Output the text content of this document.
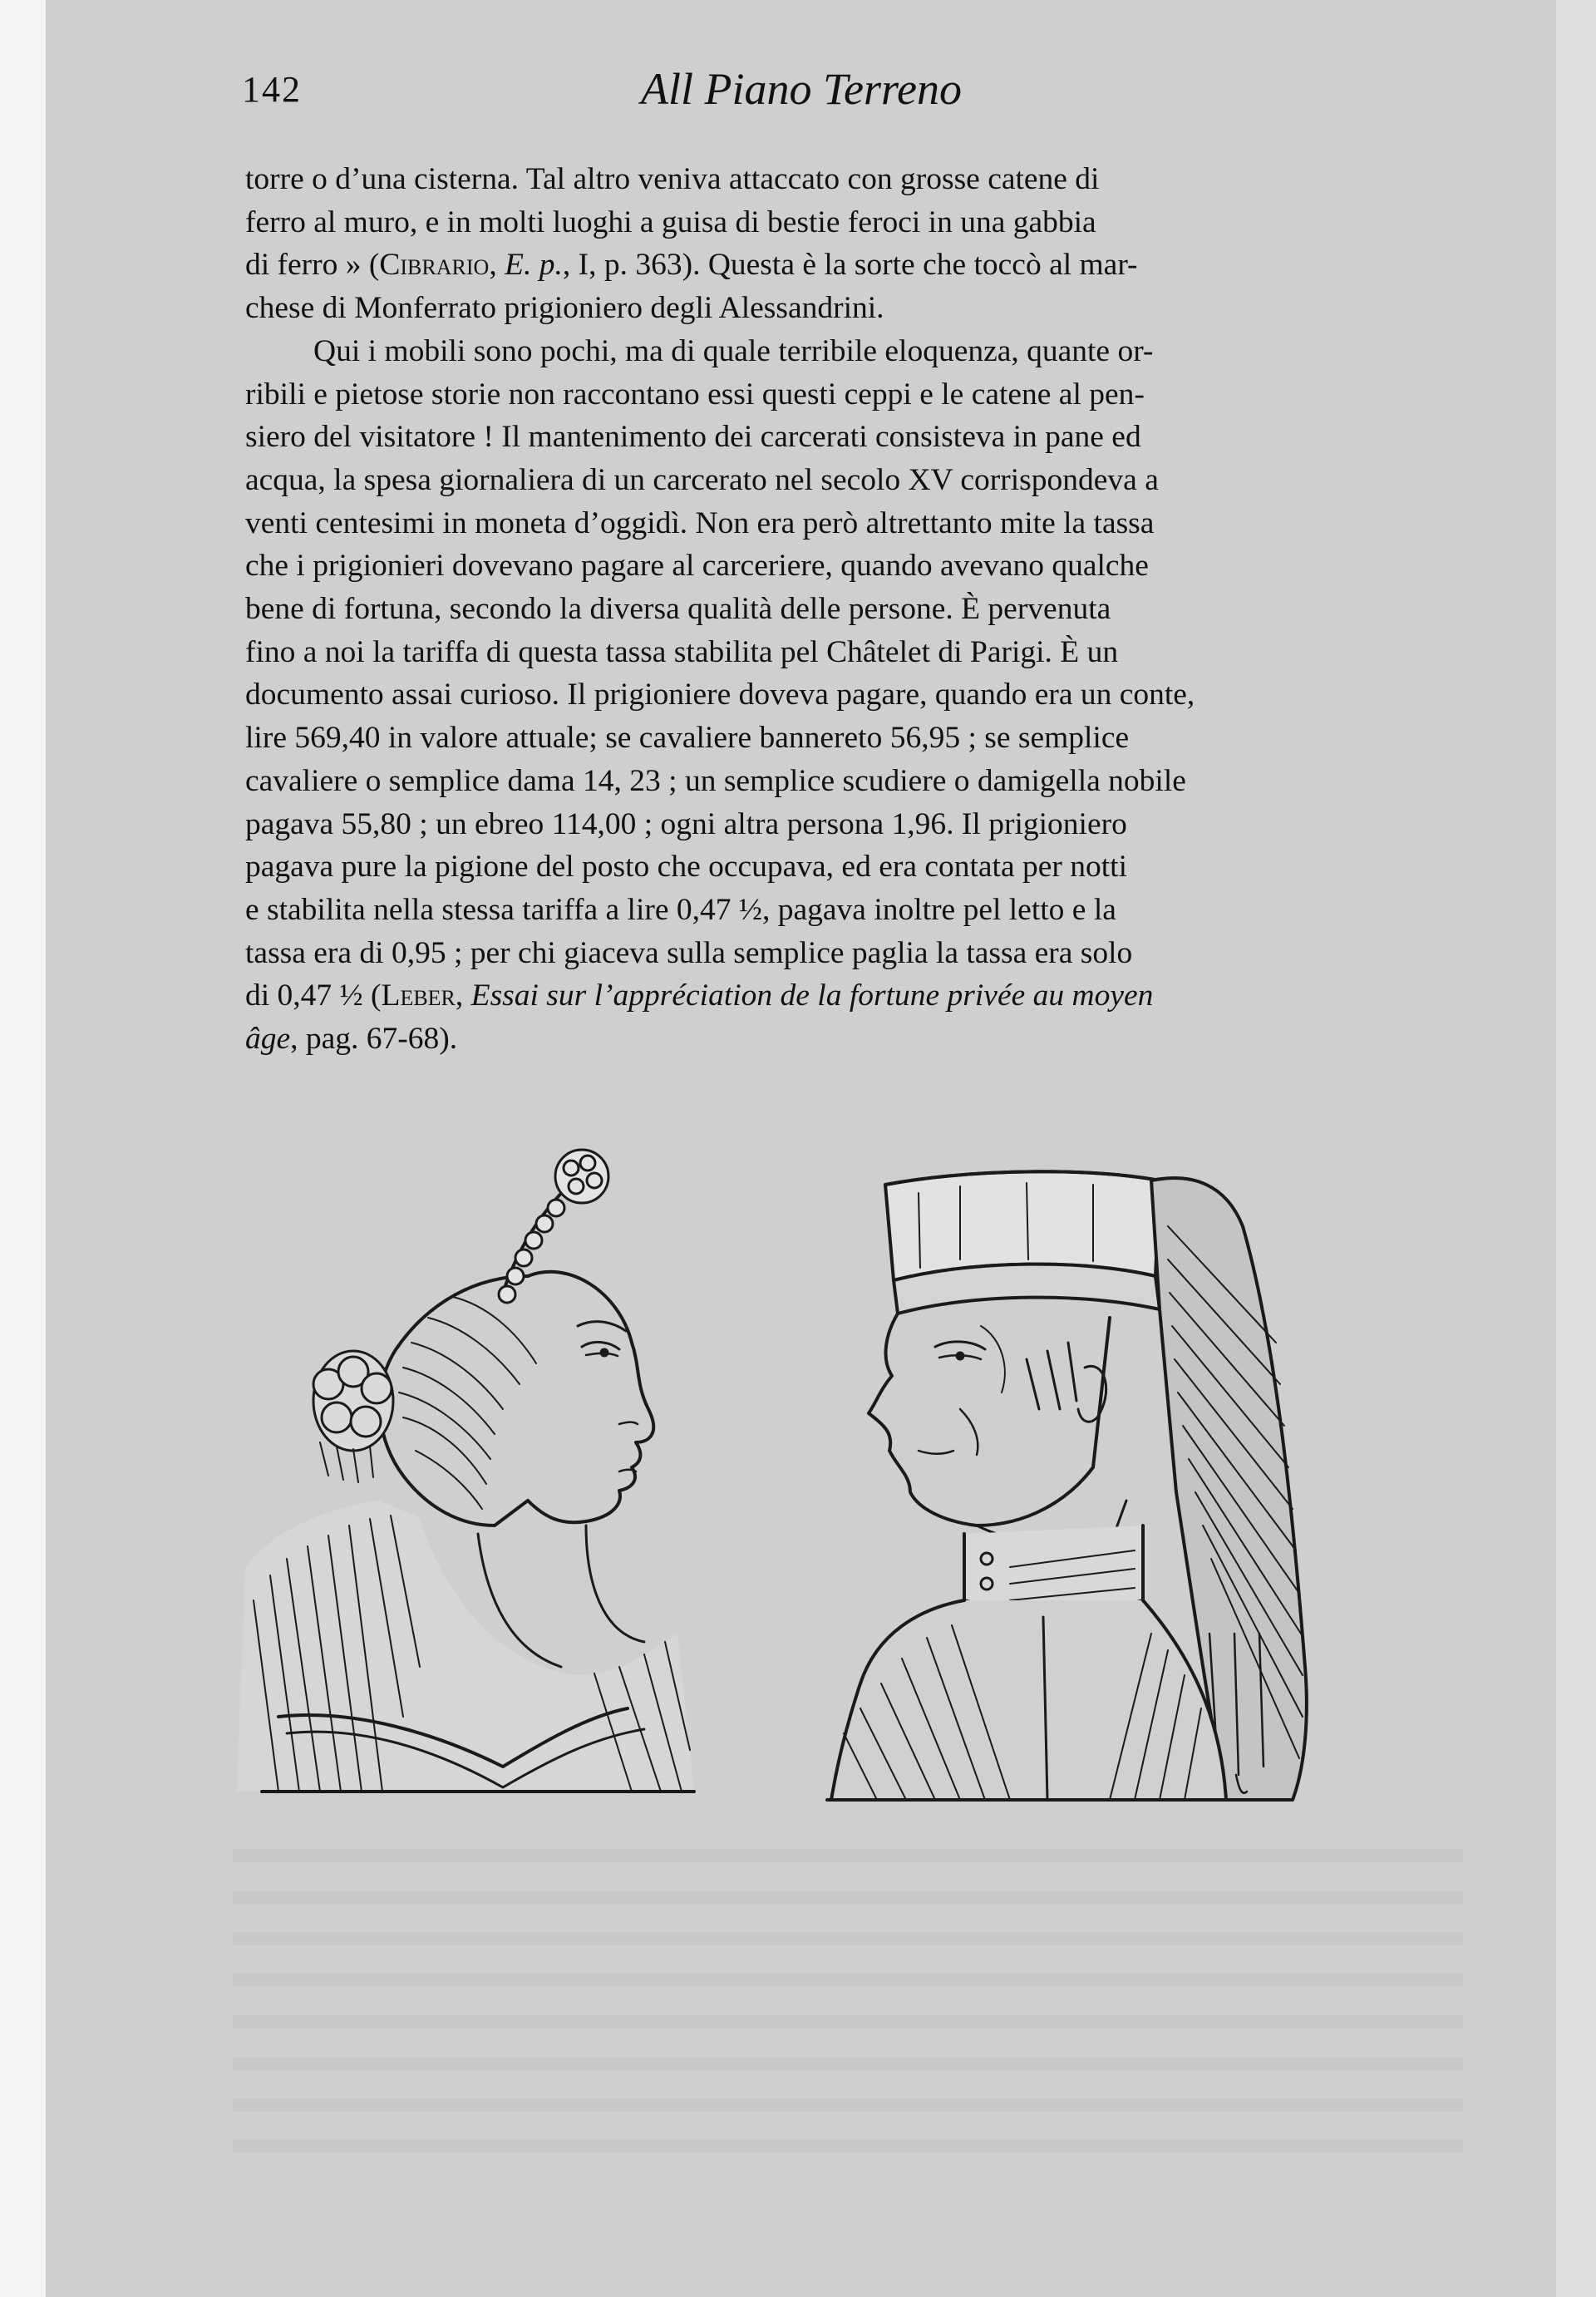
142	All Piano Terreno
torre o d’una cisterna. Tal altro veniva attaccato con grosse catene di
ferro al muro, e in molti luoghi a guisa di bestie feroci in una gabbia
di ferro » ( Cibrario , E. p. , I, p. 363). Questa è la sorte che toccò al mar-
chese di Monferrato prigioniero degli Alessandrini.
Qui i mobili sono pochi, ma di quale terribile eloquenza, quante or-
ribili e pietose storie non raccontano essi questi ceppi e le catene al pen-
siero del visitatore ! Il mantenimento dei carcerati consisteva in pane ed
acqua, la spesa giornaliera di un carcerato nel secolo XV corrispondeva a
venti centesimi in moneta d’oggidì. Non era però altrettanto mite la tassa
che i prigionieri dovevano pagare al carceriere, quando avevano qualche
bene di fortuna, secondo la diversa qualità delle persone. È pervenuta
fino a noi la tariffa di questa tassa stabilita pel Châtelet di Parigi. È un
documento assai curioso. Il prigioniere doveva pagare, quando era un conte,
lire 569,40 in valore attuale; se cavaliere bannereto 56,95 ; se semplice
cavaliere o semplice dama 14, 23 ; un semplice scudiere o damigella nobile
pagava 55,80 ; un ebreo 114,00 ; ogni altra persona 1,96. Il prigioniero
pagava pure la pigione del posto che occupava, ed era contata per notti
e stabilita nella stessa tariffa a lire 0,47 ½, pagava inoltre pel letto e la
tassa era di 0,95 ; per chi giaceva sulla semplice paglia la tassa era solo
di 0,47 ½ ( Leber , Essai sur l’appréciation de la fortune privée au moyen
âge , pag. 67-68).
